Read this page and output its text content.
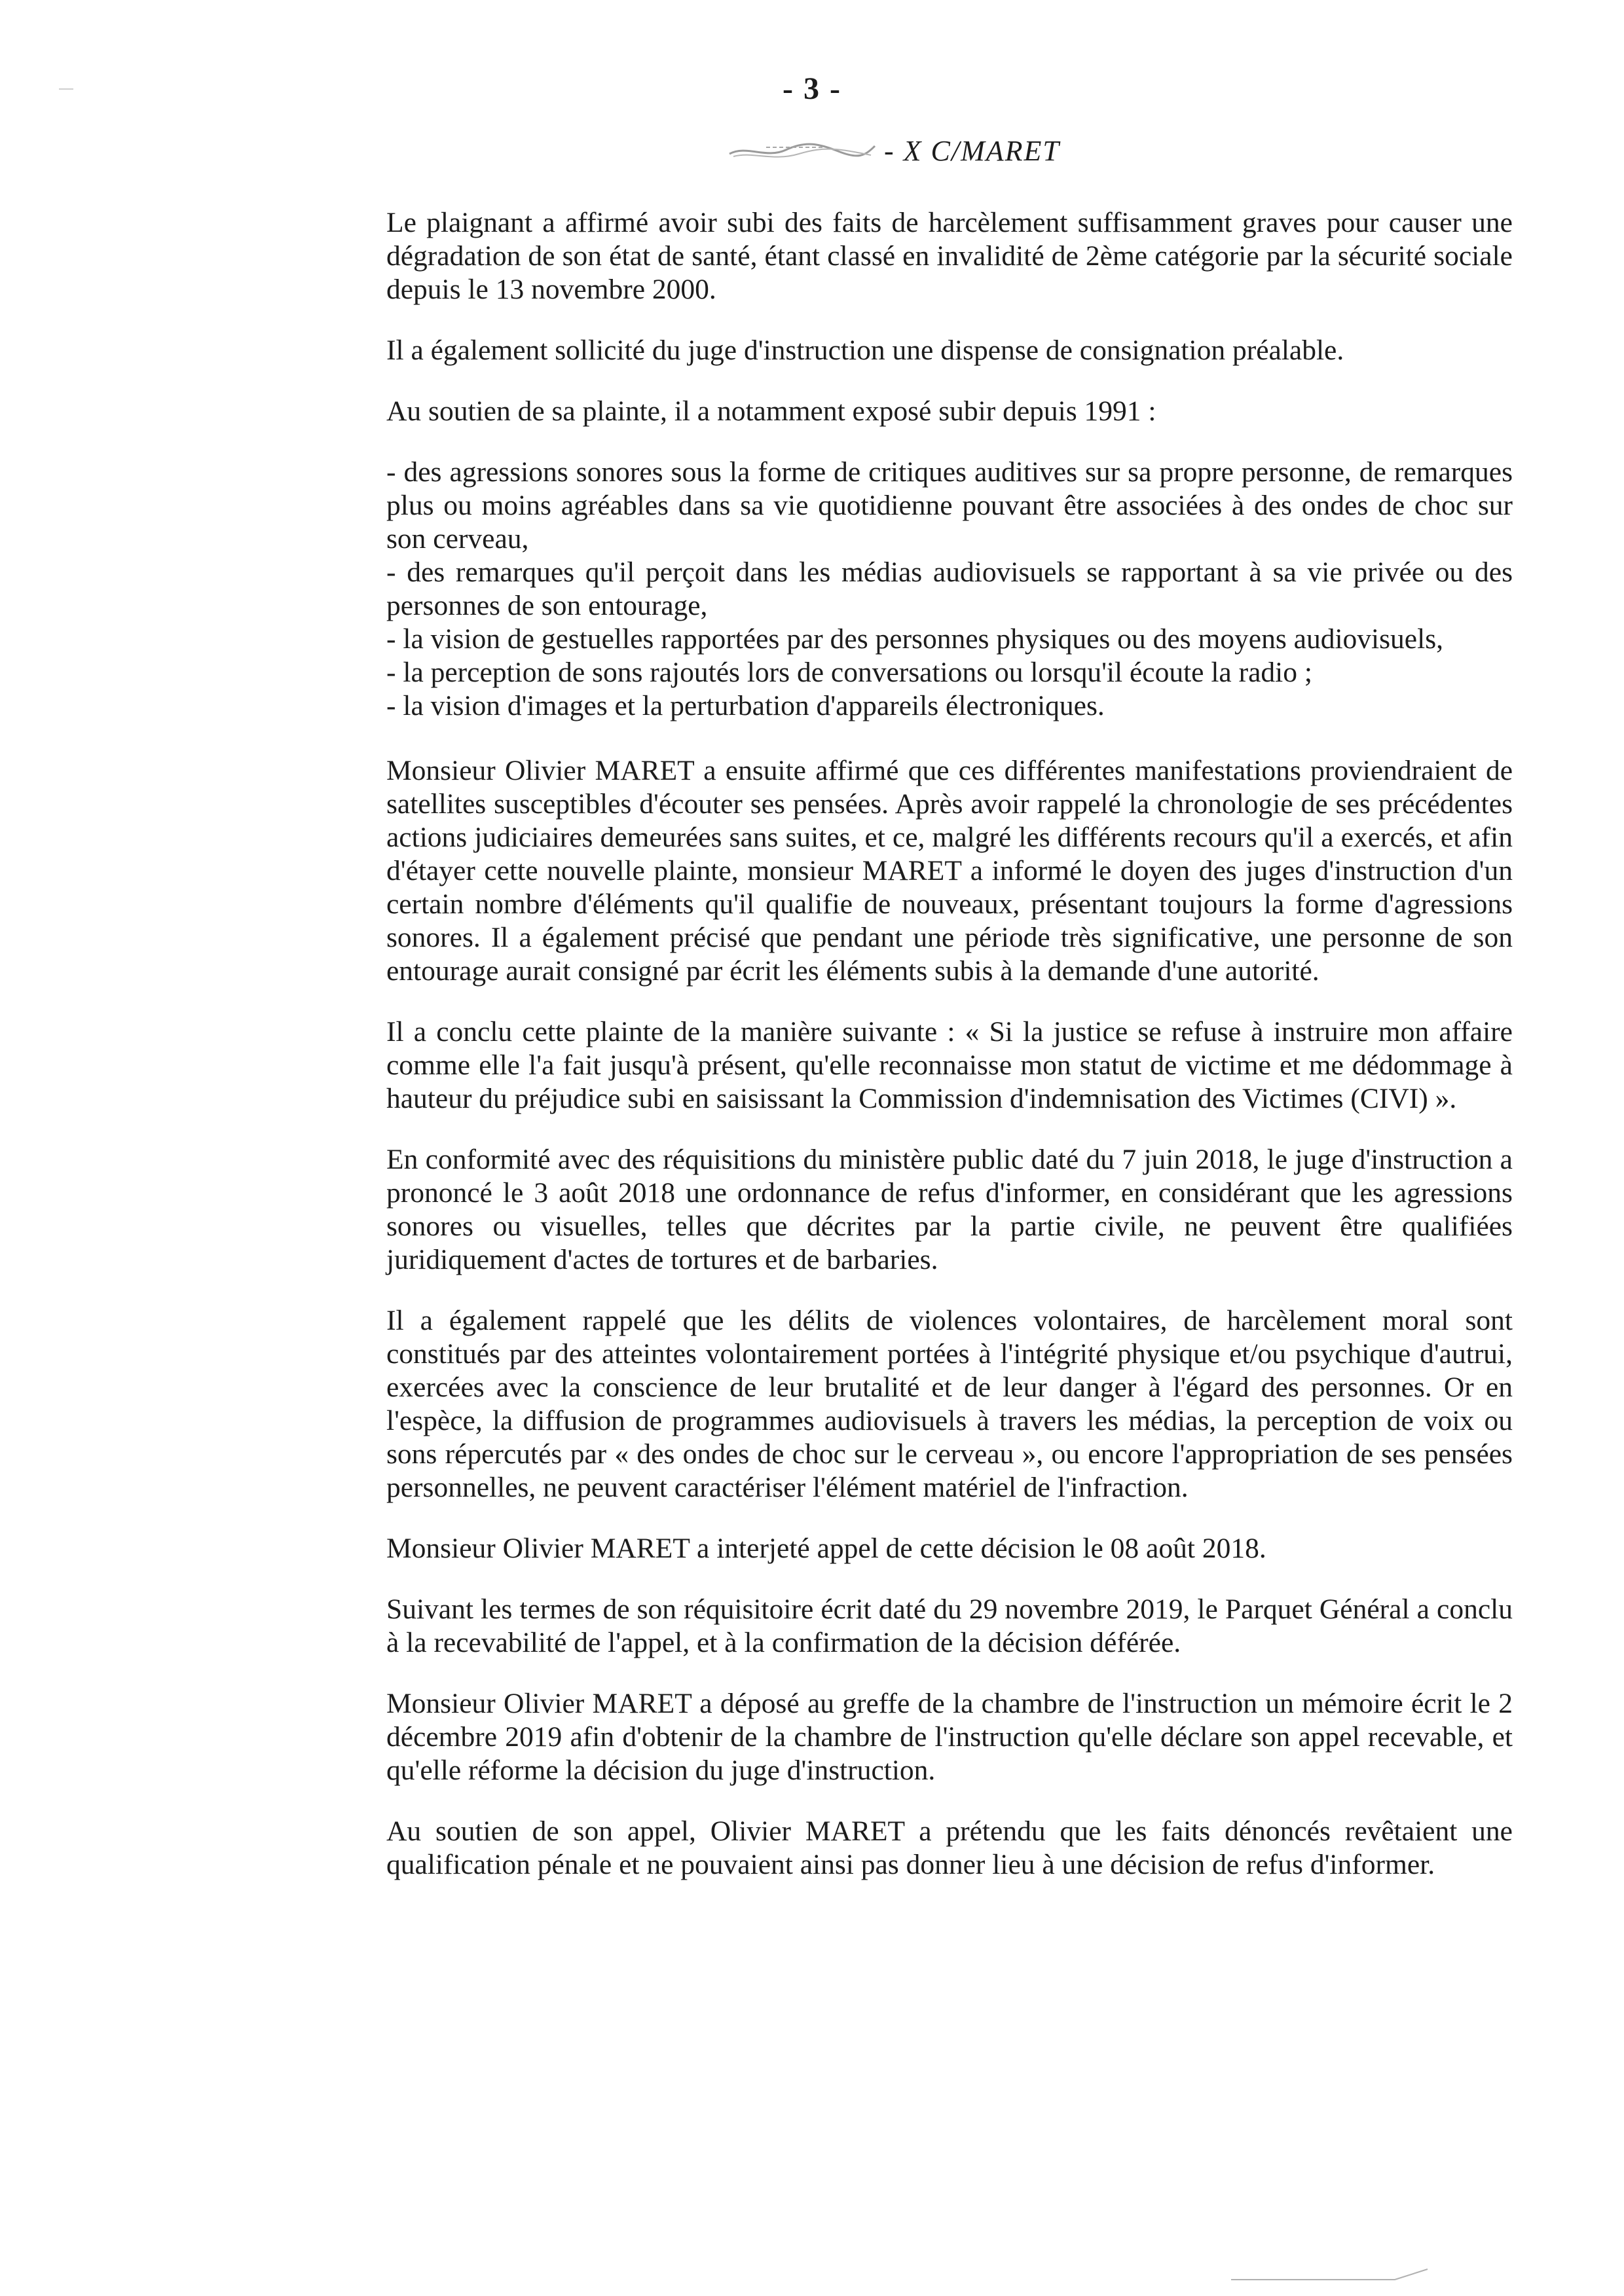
- 3 -
- X C/MARET

Le plaignant a affirmé avoir subi des faits de harcèlement suffisamment graves pour causer une dégradation de son état de santé, étant classé en invalidité de 2ème catégorie par la sécurité sociale depuis le 13 novembre 2000.

Il a également sollicité du juge d'instruction une dispense de consignation préalable.

Au soutien de sa plainte, il a notamment exposé subir depuis 1991 :

- des agressions sonores sous la forme de critiques auditives sur sa propre personne, de remarques plus ou moins agréables dans sa vie quotidienne pouvant être associées à des ondes de choc sur son cerveau,
- des remarques qu'il perçoit dans les médias audiovisuels se rapportant à sa vie privée ou des personnes de son entourage,
- la vision de gestuelles rapportées par des personnes physiques ou des moyens audiovisuels,
- la perception de sons rajoutés lors de conversations ou lorsqu'il écoute la radio ;
- la vision d'images et la perturbation d'appareils électroniques.

Monsieur Olivier MARET a ensuite affirmé que ces différentes manifestations proviendraient de satellites susceptibles d'écouter ses pensées. Après avoir rappelé la chronologie de ses précédentes actions judiciaires demeurées sans suites, et ce, malgré les différents recours qu'il a exercés, et afin d'étayer cette nouvelle plainte, monsieur MARET a informé le doyen des juges d'instruction d'un certain nombre d'éléments qu'il qualifie de nouveaux, présentant toujours la forme d'agressions sonores. Il a également précisé que pendant une période très significative, une personne de son entourage aurait consigné par écrit les éléments subis à la demande d'une autorité.

Il a conclu cette plainte de la manière suivante : « Si la justice se refuse à instruire mon affaire comme elle l'a fait jusqu'à présent, qu'elle reconnaisse mon statut de victime et me dédommage à hauteur du préjudice subi en saisissant la Commission d'indemnisation des Victimes (CIVI) ».

En conformité avec des réquisitions du ministère public daté du 7 juin 2018, le juge d'instruction a prononcé le 3 août 2018 une ordonnance de refus d'informer, en considérant que les agressions sonores ou visuelles, telles que décrites par la partie civile, ne peuvent être qualifiées juridiquement d'actes de tortures et de barbaries.

Il a également rappelé que les délits de violences volontaires, de harcèlement moral sont constitués par des atteintes volontairement portées à l'intégrité physique et/ou psychique d'autrui, exercées avec la conscience de leur brutalité et de leur danger à l'égard des personnes. Or en l'espèce, la diffusion de programmes audiovisuels à travers les médias, la perception de voix ou sons répercutés par « des ondes de choc sur le cerveau », ou encore l'appropriation de ses pensées personnelles, ne peuvent caractériser l'élément matériel de l'infraction.

Monsieur Olivier MARET a interjeté appel de cette décision le 08 août 2018.

Suivant les termes de son réquisitoire écrit daté du 29 novembre 2019, le Parquet Général a conclu à la recevabilité de l'appel, et à la confirmation de la décision déférée.

Monsieur Olivier MARET a déposé au greffe de la chambre de l'instruction un mémoire écrit le 2 décembre 2019 afin d'obtenir de la chambre de l'instruction qu'elle déclare son appel recevable, et qu'elle réforme la décision du juge d'instruction.

Au soutien de son appel, Olivier MARET a prétendu que les faits dénoncés revêtaient une qualification pénale et ne pouvaient ainsi pas donner lieu à une décision de refus d'informer.
